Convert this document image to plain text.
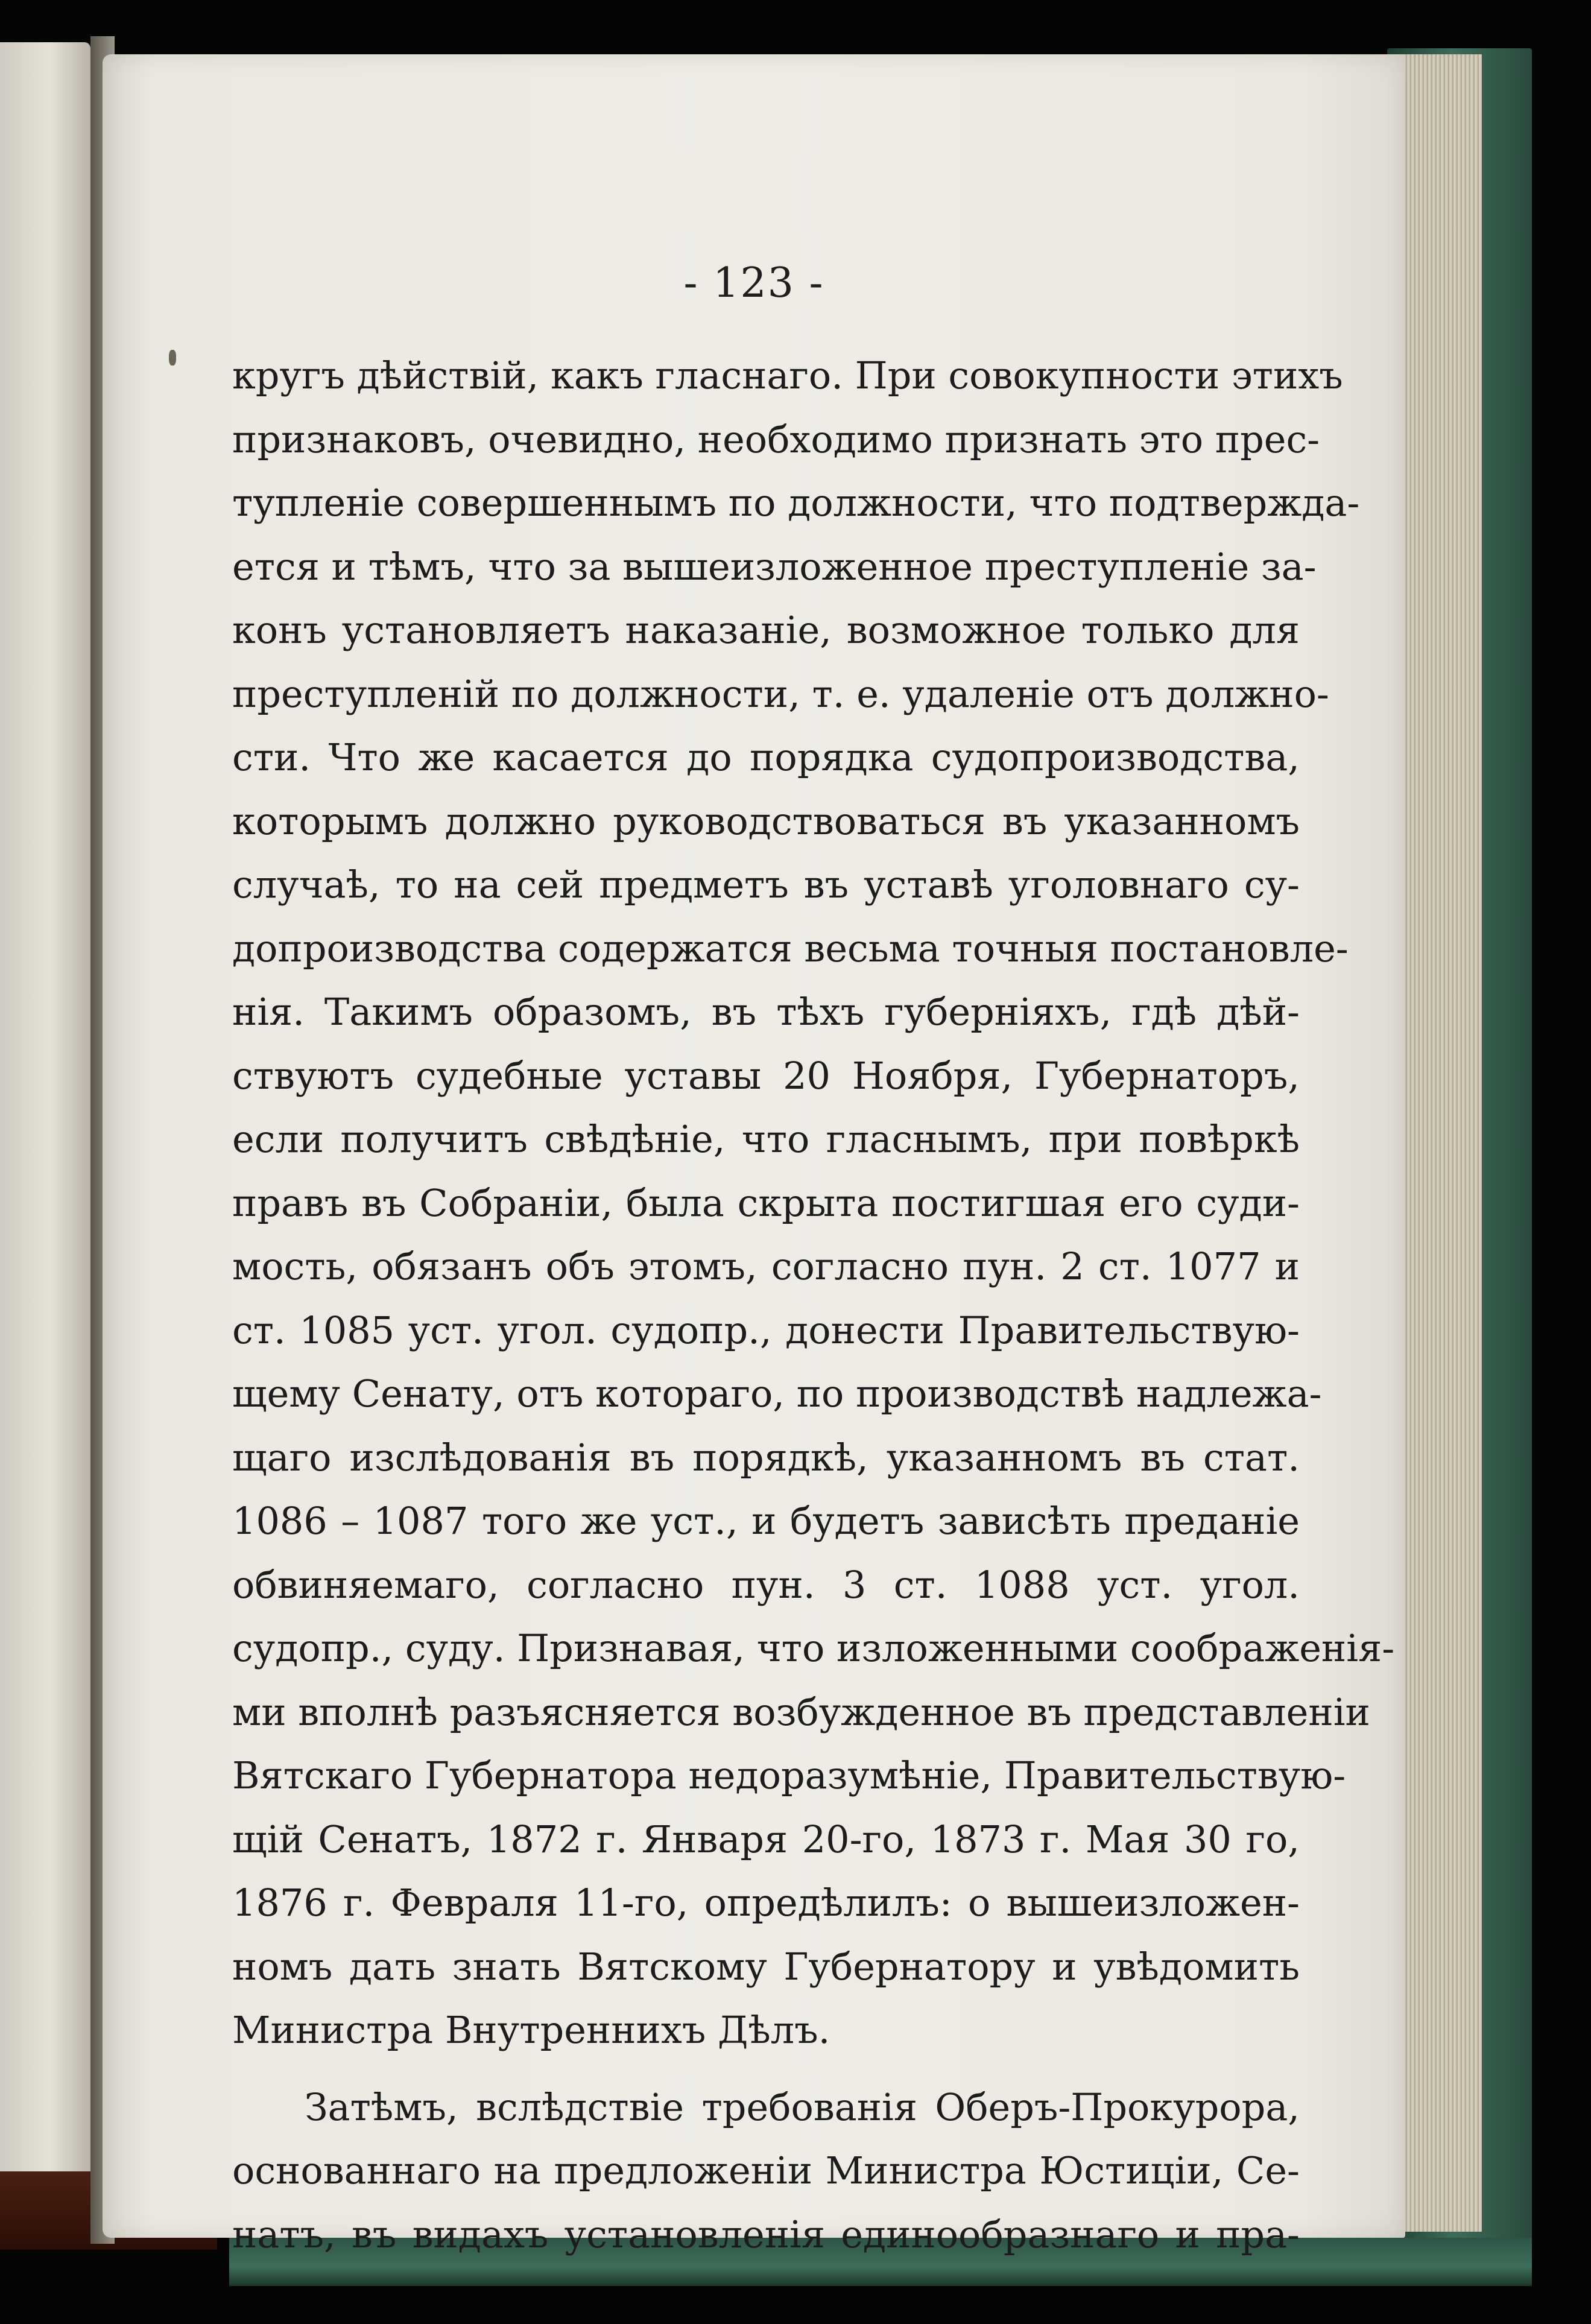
- 123 -
кругъ дѣйствій, какъ гласнаго. При совокупности этихъ
признаковъ, очевидно, необходимо признать это прес-
тупленіе совершеннымъ по должности, что подтвержда-
ется и тѣмъ, что за вышеизложенное преступленіе за-
конъ установляетъ наказаніе, возможное только для
преступленій по должности, т. е. удаленіе отъ должно-
сти. Что же касается до порядка судопроизводства,
которымъ должно руководствоваться въ указанномъ
случаѣ, то на сей предметъ въ уставѣ уголовнаго су-
допроизводства содержатся весьма точныя постановле-
нія. Такимъ образомъ, въ тѣхъ губерніяхъ, гдѣ дѣй-
ствуютъ судебные уставы 20 Ноября, Губернаторъ,
если получитъ свѣдѣніе, что гласнымъ, при повѣркѣ
правъ въ Собраніи, была скрыта постигшая его суди-
мость, обязанъ объ этомъ, согласно пун. 2 ст. 1077 и
ст. 1085 уст. угол. судопр., донести Правительствую-
щему Сенату, отъ котораго, по производствѣ надлежа-
щаго изслѣдованія въ порядкѣ, указанномъ въ стат.
1086 – 1087 того же уст., и будетъ зависѣть преданіе
обвиняемаго, согласно пун. 3 ст. 1088 уст. угол.
судопр., суду. Признавая, что изложенными соображенія-
ми вполнѣ разъясняется возбужденное въ представленіи
Вятскаго Губернатора недоразумѣніе, Правительствую-
щій Сенатъ, 1872 г. Января 20-го, 1873 г. Мая 30 го,
1876 г. Февраля 11-го, опредѣлилъ: о вышеизложен-
номъ дать знать Вятскому Губернатору и увѣдомить
Министра Внутреннихъ Дѣлъ.
Затѣмъ, вслѣдствіе требованія Оберъ-Прокурора,
основаннаго на предложеніи Министра Юстиціи, Се-
натъ, въ видахъ установленія единообразнаго и пра-
